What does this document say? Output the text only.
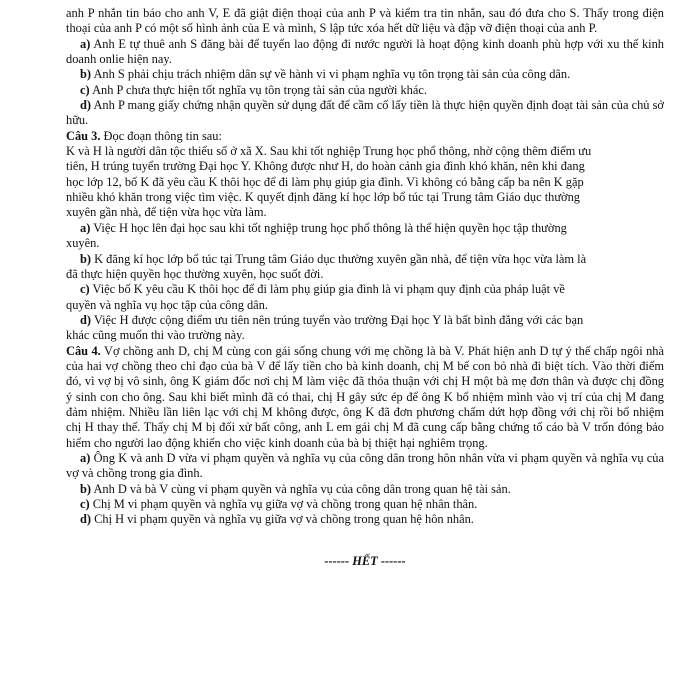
anh P nhắn tin báo cho anh V, E đã giật điện thoại của anh P và kiểm tra tin nhắn, sau đó đưa cho S. Thấy trong điện thoại của anh P có một số hình ảnh của E và mình, S lập tức xóa hết dữ liệu và đập vỡ điện thoại của anh P.

a) Anh E tự thuê anh S đăng bài để tuyển lao động đi nước người là hoạt động kinh doanh phù hợp với xu thế kinh doanh onlie hiện nay.

b) Anh S phải chịu trách nhiệm dân sự về hành vi vi phạm nghĩa vụ tôn trọng tài sản của công dân.

c) Anh P chưa thực hiện tốt nghĩa vụ tôn trọng tài sản của người khác.

d) Anh P mang giấy chứng nhận quyền sử dụng đất để cầm cố lấy tiền là thực hiện quyền định đoạt tài sản của chủ sở hữu.

Câu 3. Đọc đoạn thông tin sau:

K và H là người dân tộc thiểu số ở xã X. Sau khi tốt nghiệp Trung học phổ thông, nhờ cộng thêm điểm ưu
tiên, H trúng tuyển trường Đại học Y. Không được như H, do hoàn cảnh gia đình khó khăn, nên khi đang
học lớp 12, bố K đã yêu cầu K thôi học để đi làm phụ giúp gia đình. Vì không có bằng cấp ba nên K gặp
nhiều khó khăn trong việc tìm việc. K quyết định đăng kí học lớp bổ túc tại Trung tâm Giáo dục thường
xuyên gần nhà, để tiện vừa học vừa làm.

a) Việc H học lên đại học sau khi tốt nghiệp trung học phổ thông là thể hiện quyền học tập thường
xuyên.

b) K đăng kí học lớp bổ túc tại Trung tâm Giáo dục thường xuyên gần nhà, để tiện vừa học vừa làm là
đã thực hiện quyền học thường xuyên, học suốt đời.

c) Việc bố K yêu cầu K thôi học để đi làm phụ giúp gia đình là vi phạm quy định của pháp luật về
quyền và nghĩa vụ học tập của công dân.

d) Việc H được cộng điểm ưu tiên nên trúng tuyển vào trường Đại học Y là bất bình đẳng với các bạn
khác cũng muốn thi vào trường này.

Câu 4. Vợ chồng anh D, chị M cùng con gái sống chung với mẹ chồng là bà V. Phát hiện anh D tự ý thế chấp ngôi nhà của hai vợ chồng theo chỉ đạo của bà V để lấy tiền cho bà kinh doanh, chị M bế con bỏ nhà đi biệt tích. Vào thời điểm đó, vì vợ bị vô sinh, ông K giám đốc nơi chị M làm việc đã thỏa thuận với chị H một bà mẹ đơn thân và được chị đồng ý sinh con cho ông. Sau khi biết mình đã có thai, chị H gây sức ép để ông K bổ nhiệm mình vào vị trí của chị M đang đảm nhiệm. Nhiều lần liên lạc với chị M không được, ông K đã đơn phương chấm dứt hợp đồng với chị rồi bổ nhiệm chị H thay thế. Thấy chị M bị đối xử bất công, anh L em gái chị M đã cung cấp bằng chứng tố cáo bà V trốn đóng bảo hiểm cho người lao động khiến cho việc kinh doanh của bà bị thiệt hại nghiêm trọng.

a) Ông K và anh D vừa vi phạm quyền và nghĩa vụ của công dân trong hôn nhân vừa vi phạm quyền và nghĩa vụ của vợ và chồng trong gia đình.

b) Anh D và bà V cùng vi phạm quyền và nghĩa vụ của công dân trong quan hệ tài sản.

c) Chị M vi phạm quyền và nghĩa vụ giữa vợ và chồng trong quan hệ nhân thân.

d) Chị H vi phạm quyền và nghĩa vụ giữa vợ và chồng trong quan hệ hôn nhân.

------ HẾT ------
